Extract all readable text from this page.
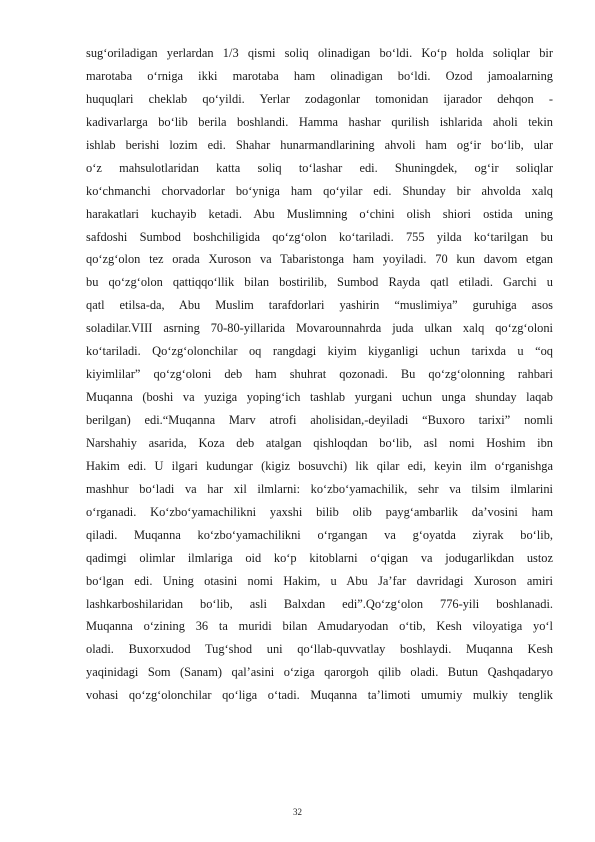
sug‘oriladigan yerlardan 1/3 qismi soliq olinadigan bo‘ldi. Ko‘p holda soliqlar bir
marotaba o‘rniga ikki marotaba ham olinadigan bo‘ldi. Ozod jamoalarning
huquqlari cheklab qo‘yildi. Yerlar zodagonlar tomonidan ijarador dehqon -
kadivarlarga bo‘lib berila boshlandi. Hamma hashar qurilish ishlarida aholi tekin
ishlab berishi lozim edi. Shahar hunarmandlarining ahvoli ham og‘ir bo‘lib, ular
o‘z mahsulotlaridan katta soliq to‘lashar edi. Shuningdek, og‘ir soliqlar
ko‘chmanchi chorvadorlar bo‘yniga ham qo‘yilar edi. Shunday bir ahvolda xalq
harakatlari kuchayib ketadi. Abu Muslimning o‘chini olish shiori ostida uning
safdoshi Sumbod boshchiligida qo‘zg‘olon ko‘tariladi. 755 yilda ko‘tarilgan bu
qo‘zg‘olon tez orada Xuroson va Tabaristonga ham yoyiladi. 70 kun davom etgan
bu qo‘zg‘olon qattiqqo‘llik bilan bostirilib, Sumbod Rayda qatl etiladi. Garchi u
qatl etilsa-da, Abu Muslim tarafdorlari yashirin “muslimiya” guruhiga asos
soladilar.VIII asrning 70-80-yillarida Movarounnahrda juda ulkan xalq qo‘zg‘oloni
ko‘tariladi. Qo‘zg‘olonchilar oq rangdagi kiyim kiyganligi uchun tarixda u “oq
kiyimlilar” qo‘zg‘oloni deb ham shuhrat qozonadi. Bu qo‘zg‘olonning rahbari
Muqanna (boshi va yuziga yoping‘ich tashlab yurgani uchun unga shunday laqab
berilgan) edi.“Muqanna Marv atrofi aholisidan,-deyiladi “Buxoro tarixi” nomli
Narshahiy asarida, Koza deb atalgan qishloqdan bo‘lib, asl nomi Hoshim ibn
Hakim edi. U ilgari kudungar (kigiz bosuvchi) lik qilar edi, keyin ilm o‘rganishga
mashhur bo‘ladi va har xil ilmlarni: ko‘zbo‘yamachilik, sehr va tilsim ilmlarini
o‘rganadi. Ko‘zbo‘yamachilikni yaxshi bilib olib payg‘ambarlik da’vosini ham
qiladi. Muqanna ko‘zbo‘yamachilikni o‘rgangan va g‘oyatda ziyrak bo‘lib,
qadimgi olimlar ilmlariga oid ko‘p kitoblarni o‘qigan va jodugarlikdan ustoz
bo‘lgan edi. Uning otasini nomi Hakim, u Abu Ja’far davridagi Xuroson amiri
lashkarboshilaridan bo‘lib, asli Balxdan edi”.Qo‘zg‘olon 776-yili boshlanadi.
Muqanna o‘zining 36 ta muridi bilan Amudaryodan o‘tib, Kesh viloyatiga yo‘l
oladi. Buxorxudod Tug‘shod uni qo‘llab-quvvatlay boshlaydi. Muqanna Kesh
yaqinidagi Som (Sanam) qal’asini o‘ziga qarorgoh qilib oladi. Butun Qashqadaryo
vohasi qo‘zg‘olonchilar qo‘liga o‘tadi. Muqanna ta’limoti umumiy mulkiy tenglik
32
